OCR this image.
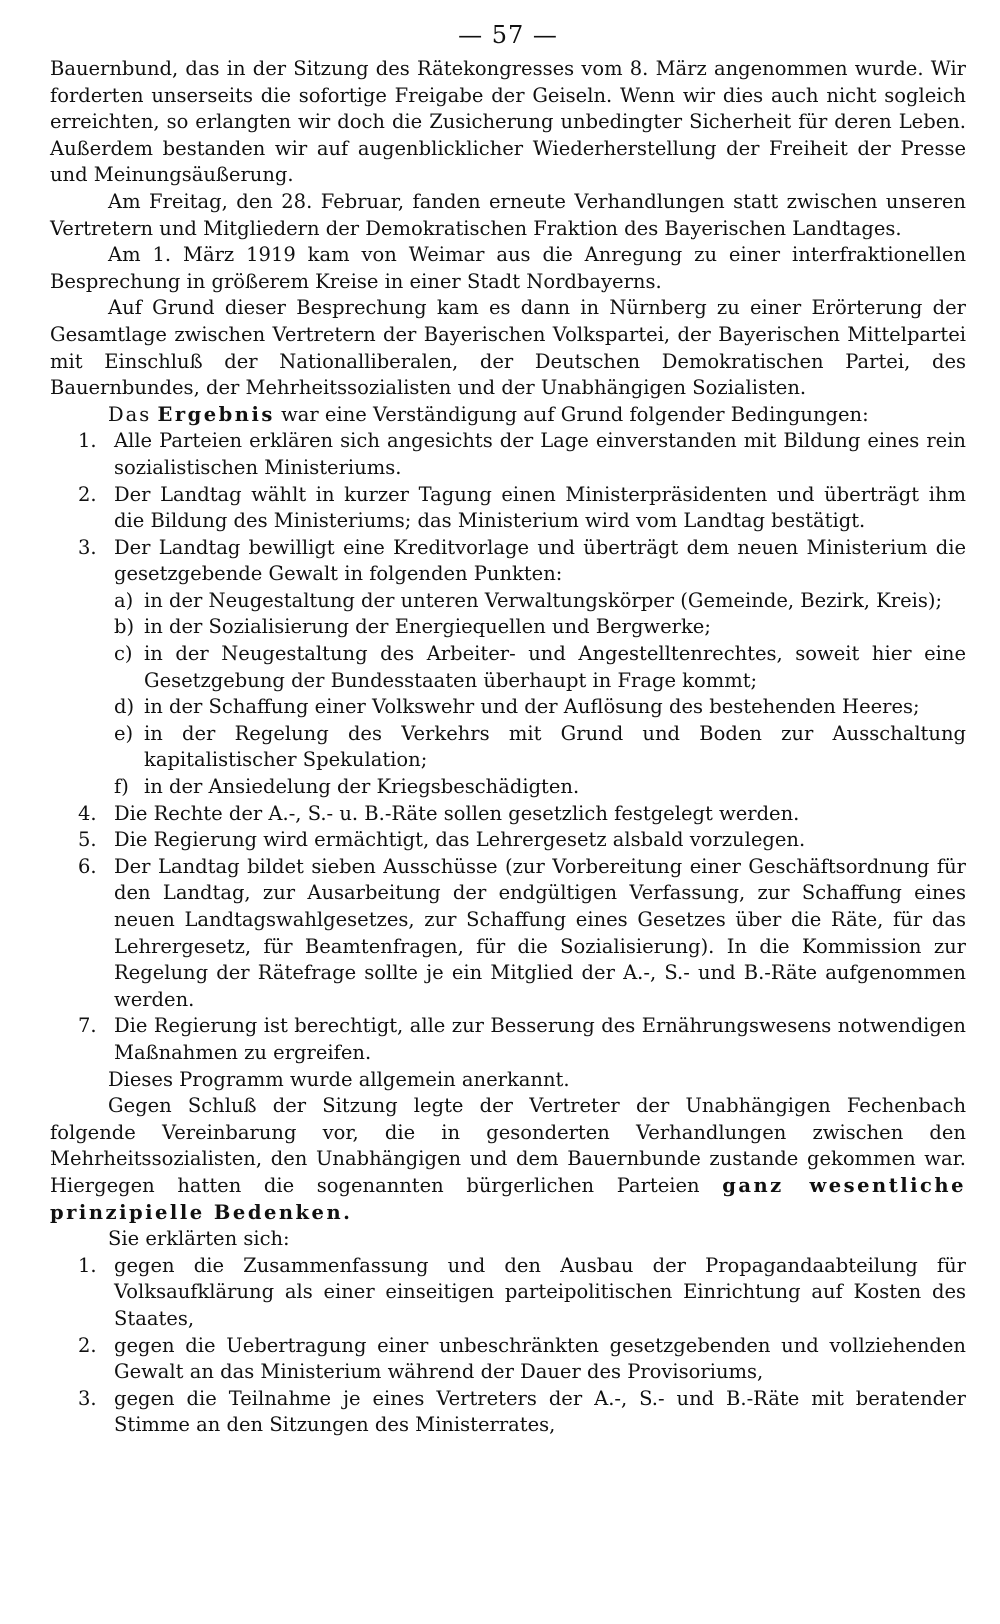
— 57 —

Bauernbund, das in der Sitzung des Rätekongresses vom 8. März angenommen wurde. Wir forderten unserseits die sofortige Freigabe der Geiseln. Wenn wir dies auch nicht sogleich erreichten, so erlangten wir doch die Zusicherung unbedingter Sicherheit für deren Leben. Außerdem bestanden wir auf augenblicklicher Wiederherstellung der Freiheit der Presse und Meinungsäußerung.

Am Freitag, den 28. Februar, fanden erneute Verhandlungen statt zwischen unseren Vertretern und Mitgliedern der Demokratischen Fraktion des Bayerischen Landtages.

Am 1. März 1919 kam von Weimar aus die Anregung zu einer interfraktionellen Besprechung in größerem Kreise in einer Stadt Nordbayerns.

Auf Grund dieser Besprechung kam es dann in Nürnberg zu einer Erörterung der Gesamtlage zwischen Vertretern der Bayerischen Volkspartei, der Bayerischen Mittelpartei mit Einschluß der Nationalliberalen, der Deutschen Demokratischen Partei, des Bauernbundes, der Mehrheitssozialisten und der Unabhängigen Sozialisten.

Das Ergebnis war eine Verständigung auf Grund folgender Bedingungen:

1. Alle Parteien erklären sich angesichts der Lage einverstanden mit Bildung eines rein sozialistischen Ministeriums.
2. Der Landtag wählt in kurzer Tagung einen Ministerpräsidenten und überträgt ihm die Bildung des Ministeriums; das Ministerium wird vom Landtag bestätigt.
3. Der Landtag bewilligt eine Kreditvorlage und überträgt dem neuen Ministerium die gesetzgebende Gewalt in folgenden Punkten:
a) in der Neugestaltung der unteren Verwaltungskörper (Gemeinde, Bezirk, Kreis);
b) in der Sozialisierung der Energiequellen und Bergwerke;
c) in der Neugestaltung des Arbeiter- und Angestelltenrechtes, soweit hier eine Gesetzgebung der Bundesstaaten überhaupt in Frage kommt;
d) in der Schaffung einer Volkswehr und der Auflösung des bestehenden Heeres;
e) in der Regelung des Verkehrs mit Grund und Boden zur Ausschaltung kapitalistischer Spekulation;
f) in der Ansiedelung der Kriegsbeschädigten.
4. Die Rechte der A.-, S.- u. B.-Räte sollen gesetzlich festgelegt werden.
5. Die Regierung wird ermächtigt, das Lehrergesetz alsbald vorzulegen.
6. Der Landtag bildet sieben Ausschüsse (zur Vorbereitung einer Geschäftsordnung für den Landtag, zur Ausarbeitung der endgültigen Verfassung, zur Schaffung eines neuen Landtagswahlgesetzes, zur Schaffung eines Gesetzes über die Räte, für das Lehrergesetz, für Beamtenfragen, für die Sozialisierung). In die Kommission zur Regelung der Rätefrage sollte je ein Mitglied der A.-, S.- und B.-Räte aufgenommen werden.
7. Die Regierung ist berechtigt, alle zur Besserung des Ernährungswesens notwendigen Maßnahmen zu ergreifen.

Dieses Programm wurde allgemein anerkannt.

Gegen Schluß der Sitzung legte der Vertreter der Unabhängigen Fechenbach folgende Vereinbarung vor, die in gesonderten Verhandlungen zwischen den Mehrheitssozialisten, den Unabhängigen und dem Bauernbunde zustande gekommen war. Hiergegen hatten die sogenannten bürgerlichen Parteien ganz wesentliche prinzipielle Bedenken.

Sie erklärten sich:

1. gegen die Zusammenfassung und den Ausbau der Propagandaabteilung für Volksaufklärung als einer einseitigen parteipolitischen Einrichtung auf Kosten des Staates,
2. gegen die Uebertragung einer unbeschränkten gesetzgebenden und vollziehenden Gewalt an das Ministerium während der Dauer des Provisoriums,
3. gegen die Teilnahme je eines Vertreters der A.-, S.- und B.-Räte mit beratender Stimme an den Sitzungen des Ministerrates,
